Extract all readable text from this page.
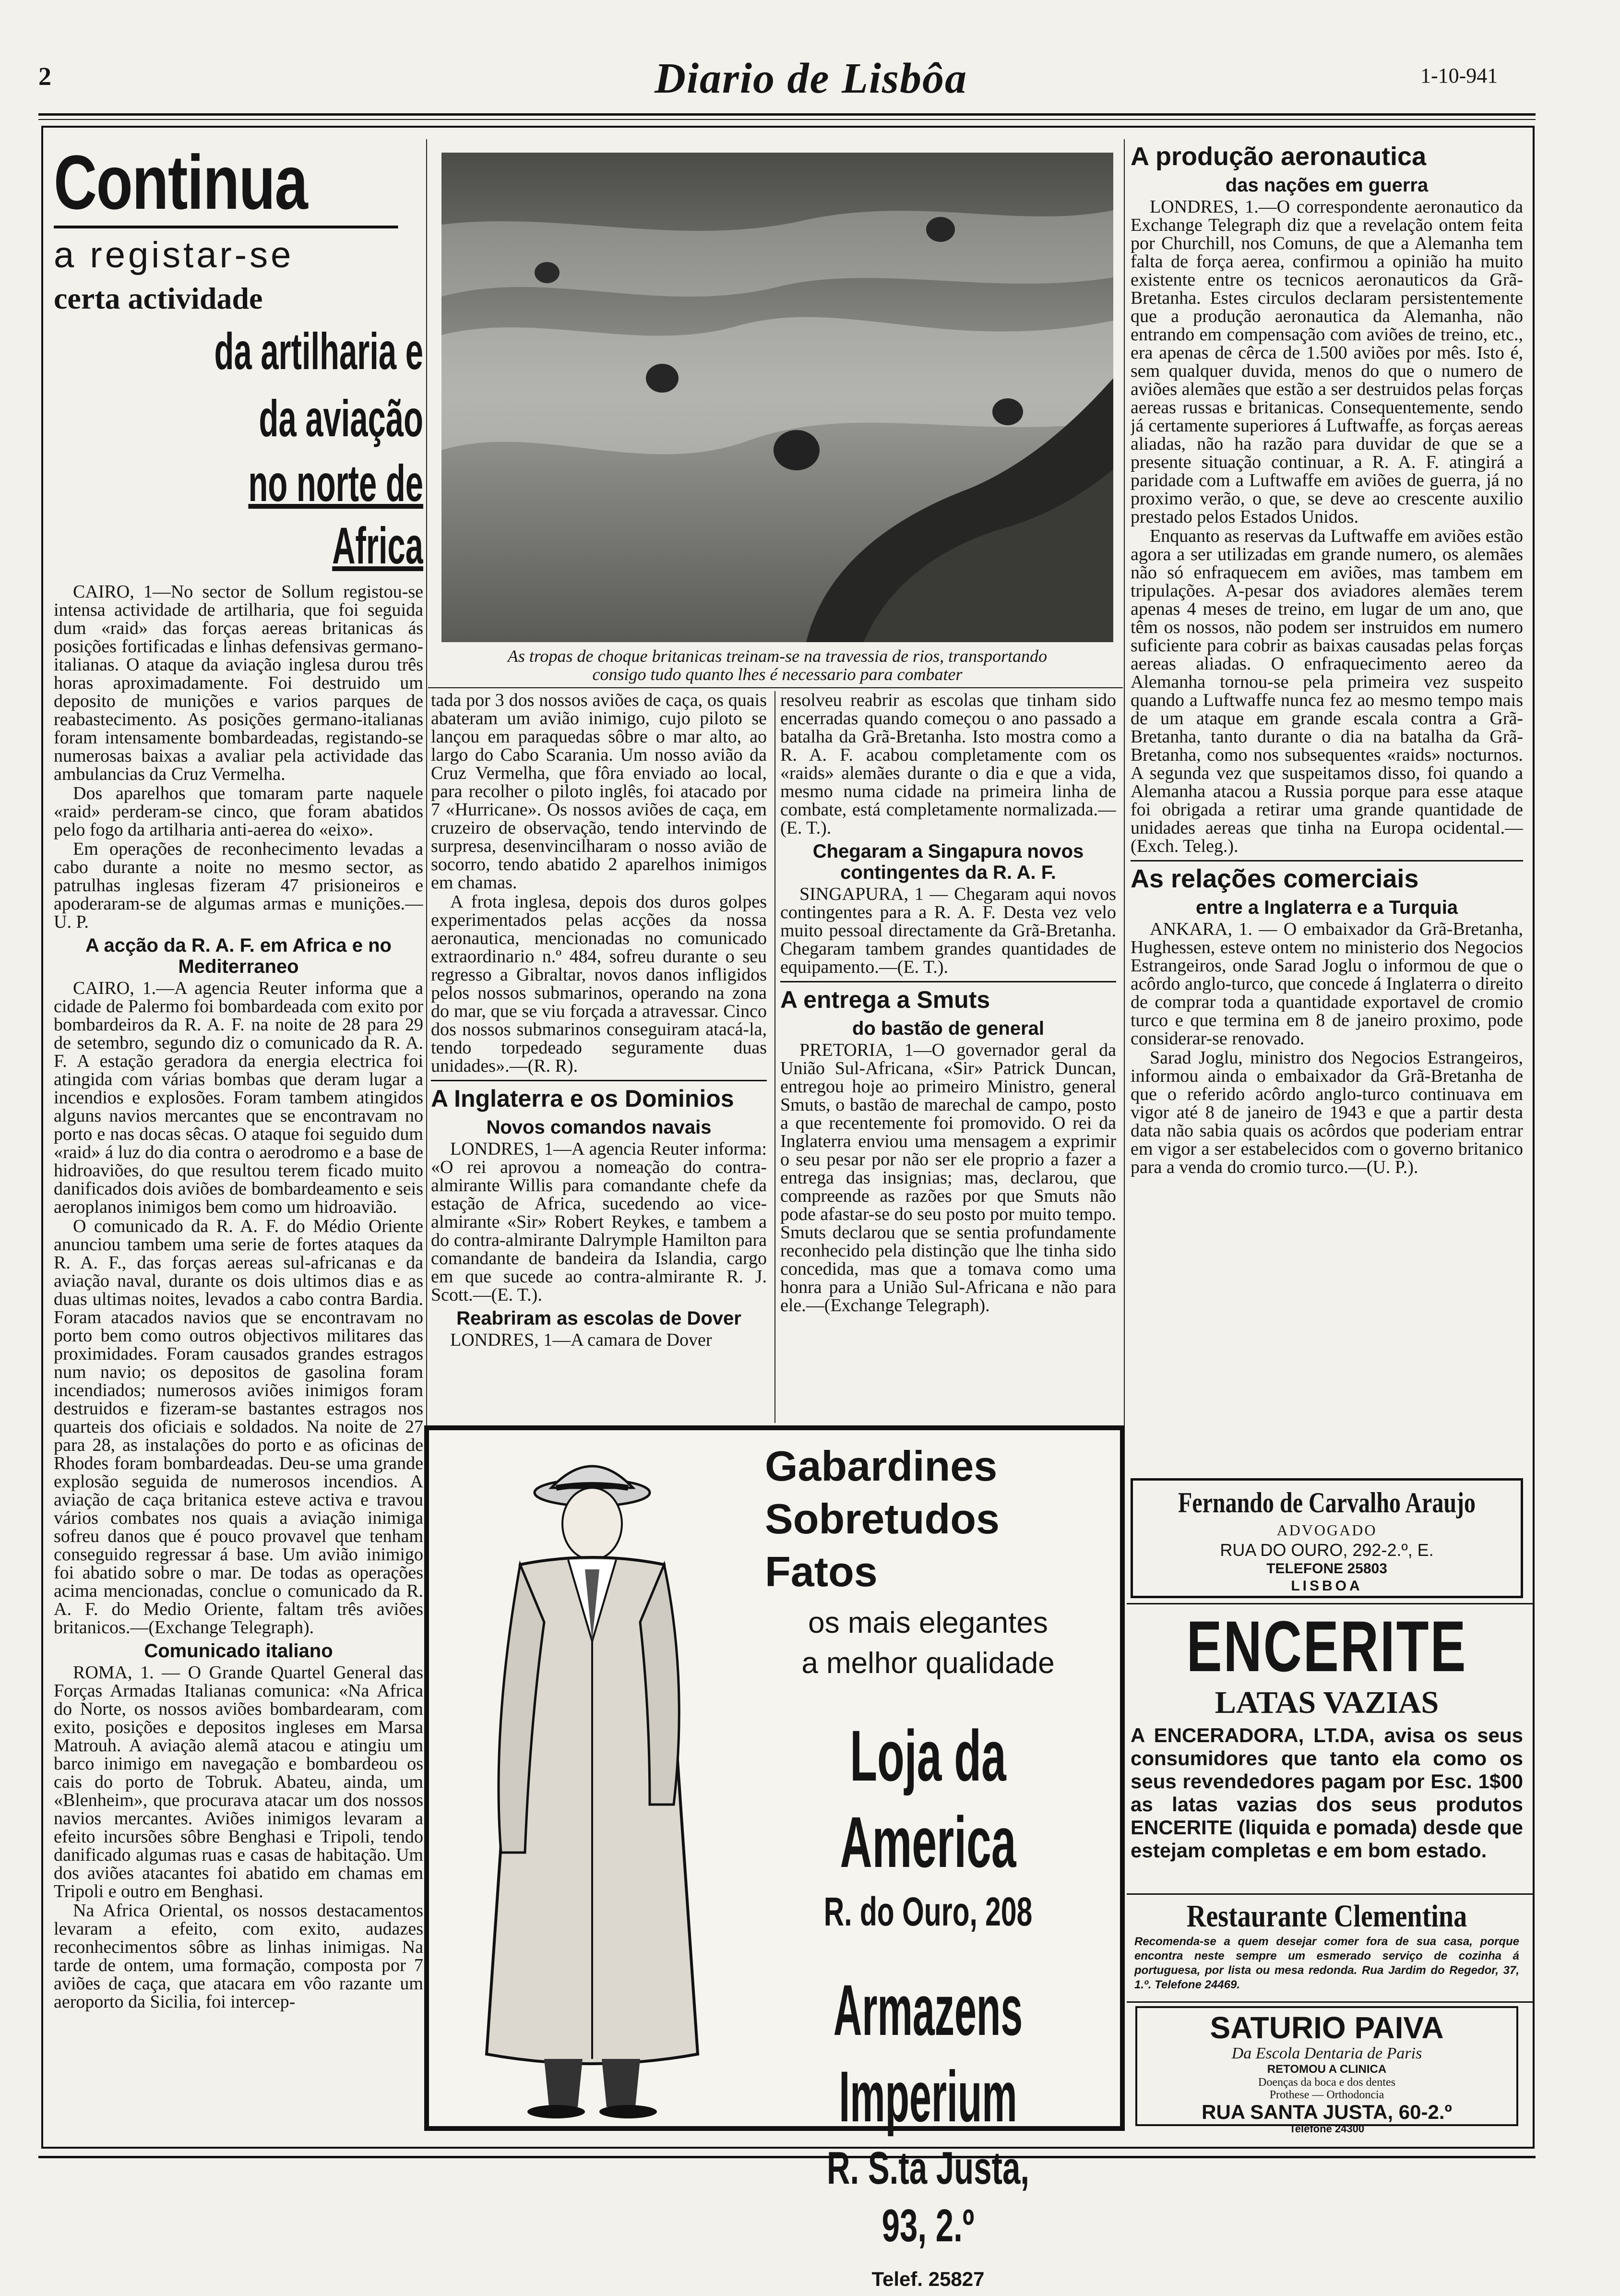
2	Diario de Lisbôa	1-10-941
Continua
a registar-se
certa actividade
da artilharia e da aviação
no norte de Africa

CAIRO, 1—No sector de Sollum registou-se intensa actividade de artilharia, que foi seguida dum «raid» das forças aereas britanicas ás posições fortificadas e linhas defensivas germano-italianas. O ataque da aviação inglesa durou três horas aproximadamente. Foi destruido um deposito de munições e varios parques de reabastecimento. As posições germano-italianas foram intensamente bombardeadas, registando-se numerosas baixas a avaliar pela actividade das ambulancias da Cruz Vermelha.

Dos aparelhos que tomaram parte naquele «raid» perderam-se cinco, que foram abatidos pelo fogo da artilharia anti-aerea do «eixo».

Em operações de reconhecimento levadas a cabo durante a noite no mesmo sector, as patrulhas inglesas fizeram 47 prisioneiros e apoderaram-se de algumas armas e munições.—U. P.

A acção da R. A. F. em Africa e no Mediterraneo

CAIRO, 1.—A agencia Reuter informa que a cidade de Palermo foi bombardeada com exito por bombardeiros da R. A. F. na noite de 28 para 29 de setembro, segundo diz o comunicado da R. A. F. A estação geradora da energia electrica foi atingida com várias bombas que deram lugar a incendios e explosões. Foram tambem atingidos alguns navios mercantes que se encontravam no porto e nas docas sêcas. O ataque foi seguido dum «raid» á luz do dia contra o aerodromo e a base de hidroaviões, do que resultou terem ficado muito danificados dois aviões de bombardeamento e seis aeroplanos inimigos bem como um hidroavião.

O comunicado da R. A. F. do Médio Oriente anunciou tambem uma serie de fortes ataques da R. A. F., das forças aereas sul-africanas e da aviação naval, durante os dois ultimos dias e as duas ultimas noites, levados a cabo contra Bardia. Foram atacados navios que se encontravam no porto bem como outros objectivos militares das proximidades. Foram causados grandes estragos num navio; os depositos de gasolina foram incendiados; numerosos aviões inimigos foram destruidos e fizeram-se bastantes estragos nos quarteis dos oficiais e soldados. Na noite de 27 para 28, as instalações do porto e as oficinas de Rhodes foram bombardeadas. Deu-se uma grande explosão seguida de numerosos incendios. A aviação de caça britanica esteve activa e travou vários combates nos quais a aviação inimiga sofreu danos que é pouco provavel que tenham conseguido regressar á base. Um avião inimigo foi abatido sobre o mar. De todas as operações acima mencionadas, conclue o comunicado da R. A. F. do Medio Oriente, faltam três aviões britanicos.—(Exchange Telegraph).

Comunicado italiano

ROMA, 1. — O Grande Quartel General das Forças Armadas Italianas comunica: «Na Africa do Norte, os nossos aviões bombardearam, com exito, posições e depositos ingleses em Marsa Matrouh. A aviação alemã atacou e atingiu um barco inimigo em navegação e bombardeou os cais do porto de Tobruk. Abateu, ainda, um «Blenheim», que procurava atacar um dos nossos navios mercantes. Aviões inimigos levaram a efeito incursões sôbre Benghasi e Tripoli, tendo danificado algumas ruas e casas de habitação. Um dos aviões atacantes foi abatido em chamas em Tripoli e outro em Benghasi.

Na Africa Oriental, os nossos destacamentos levaram a efeito, com exito, audazes reconhecimentos sôbre as linhas inimigas. Na tarde de ontem, uma formação, composta por 7 aviões de caça, que atacara em vôo razante um aeroporto da Sicilia, foi intercep-

As tropas de choque britanicas treinam-se na travessia de rios, transportando
consigo tudo quanto lhes é necessario para combater

tada por 3 dos nossos aviões de caça, os quais abateram um avião inimigo, cujo piloto se lançou em paraquedas sôbre o mar alto, ao largo do Cabo Scarania. Um nosso avião da Cruz Vermelha, que fôra enviado ao local, para recolher o piloto inglês, foi atacado por 7 «Hurricane». Os nossos aviões de caça, em cruzeiro de observação, tendo intervindo de surpresa, desenvincilharam o nosso avião de socorro, tendo abatido 2 aparelhos inimigos em chamas.

A frota inglesa, depois dos duros golpes experimentados pelas acções da nossa aeronautica, mencionadas no comunicado extraordinario n.º 484, sofreu durante o seu regresso a Gibraltar, novos danos infligidos pelos nossos submarinos, operando na zona do mar, que se viu forçada a atravessar. Cinco dos nossos submarinos conseguiram atacá-la, tendo torpedeado seguramente duas unidades».—(R. R).

A Inglaterra e os Dominios
Novos comandos navais

LONDRES, 1—A agencia Reuter informa: «O rei aprovou a nomeação do contra-almirante Willis para comandante chefe da estação de Africa, sucedendo ao vice-almirante «Sir» Robert Reykes, e tambem a do contra-almirante Dalrymple Hamilton para comandante de bandeira da Islandia, cargo em que sucede ao contra-almirante R. J. Scott.—(E. T.).

Reabriram as escolas de Dover

LONDRES, 1—A camara de Dover

resolveu reabrir as escolas que tinham sido encerradas quando começou o ano passado a batalha da Grã-Bretanha. Isto mostra como a R. A. F. acabou completamente com os «raids» alemães durante o dia e que a vida, mesmo numa cidade na primeira linha de combate, está completamente normalizada.—(E. T.).

Chegaram a Singapura novos contingentes da R. A. F.

SINGAPURA, 1 — Chegaram aqui novos contingentes para a R. A. F. Desta vez velo muito pessoal directamente da Grã-Bretanha. Chegaram tambem grandes quantidades de equipamento.—(E. T.).

A entrega a Smuts
do bastão de general

PRETORIA, 1—O governador geral da União Sul-Africana, «Sir» Patrick Duncan, entregou hoje ao primeiro Ministro, general Smuts, o bastão de marechal de campo, posto a que recentemente foi promovido. O rei da Inglaterra enviou uma mensagem a exprimir o seu pesar por não ser ele proprio a fazer a entrega das insignias; mas, declarou, que compreende as razões por que Smuts não pode afastar-se do seu posto por muito tempo. Smuts declarou que se sentia profundamente reconhecido pela distinção que lhe tinha sido concedida, mas que a tomava como uma honra para a União Sul-Africana e não para ele.—(Exchange Telegraph).

A produção aeronautica
das nações em guerra

LONDRES, 1.—O correspondente aeronautico da Exchange Telegraph diz que a revelação ontem feita por Churchill, nos Comuns, de que a Alemanha tem falta de força aerea, confirmou a opinião ha muito existente entre os tecnicos aeronauticos da Grã-Bretanha. Estes circulos declaram persistentemente que a produção aeronautica da Alemanha, não entrando em compensação com aviões de treino, etc., era apenas de cêrca de 1.500 aviões por mês. Isto é, sem qualquer duvida, menos do que o numero de aviões alemães que estão a ser destruidos pelas forças aereas russas e britanicas. Consequentemente, sendo já certamente superiores á Luftwaffe, as forças aereas aliadas, não ha razão para duvidar de que se a presente situação continuar, a R. A. F. atingirá a paridade com a Luftwaffe em aviões de guerra, já no proximo verão, o que, se deve ao crescente auxilio prestado pelos Estados Unidos.

Enquanto as reservas da Luftwaffe em aviões estão agora a ser utilizadas em grande numero, os alemães não só enfraquecem em aviões, mas tambem em tripulações. A-pesar dos aviadores alemães terem apenas 4 meses de treino, em lugar de um ano, que têm os nossos, não podem ser instruidos em numero suficiente para cobrir as baixas causadas pelas forças aereas aliadas. O enfraquecimento aereo da Alemanha tornou-se pela primeira vez suspeito quando a Luftwaffe nunca fez ao mesmo tempo mais de um ataque em grande escala contra a Grã-Bretanha, tanto durante o dia na batalha da Grã-Bretanha, como nos subsequentes «raids» nocturnos. A segunda vez que suspeitamos disso, foi quando a Alemanha atacou a Russia porque para esse ataque foi obrigada a retirar uma grande quantidade de unidades aereas que tinha na Europa ocidental.—(Exch. Teleg.).

As relações comerciais
entre a Inglaterra e a Turquia

ANKARA, 1. — O embaixador da Grã-Bretanha, Hughessen, esteve ontem no ministerio dos Negocios Estrangeiros, onde Sarad Joglu o informou de que o acôrdo anglo-turco, que concede á Inglaterra o direito de comprar toda a quantidade exportavel de cromio turco e que termina em 8 de janeiro proximo, pode considerar-se renovado.

Sarad Joglu, ministro dos Negocios Estrangeiros, informou ainda o embaixador da Grã-Bretanha de que o referido acôrdo anglo-turco continuava em vigor até 8 de janeiro de 1943 e que a partir desta data não sabia quais os acôrdos que poderiam entrar em vigor a ser estabelecidos com o governo britanico para a venda do cromio turco.—(U. P.).

Gabardines
Sobretudos
Fatos
os mais elegantes
a melhor qualidade
Loja da America
R. do Ouro, 208
Armazens Imperium
R. S.ta Justa, 93, 2.º
Telef. 25827
Fernando de Carvalho Araujo
ADVOGADO
RUA DO OURO, 292-2.º, E.
TELEFONE 25803
LISBOA
ENCERITE
LATAS VAZIAS
A ENCERADORA, LT.DA, avisa os seus consumidores que tanto ela como os seus revendedores pagam por Esc. 1$00 as latas vazias dos seus produtos ENCERITE (liquida e pomada) desde que estejam completas e em bom estado.
Restaurante Clementina
Recomenda-se a quem desejar comer fora de sua casa, porque encontra neste sempre um esmerado serviço de cozinha á portuguesa, por lista ou mesa redonda. Rua Jardim do Regedor, 37, 1.º. Telefone 24469.
SATURIO PAIVA
Da Escola Dentaria de Paris
RETOMOU A CLINICA
Doenças da boca e dos dentes
Prothese — Orthodoncia
RUA SANTA JUSTA, 60-2.º
Telefone 24300
